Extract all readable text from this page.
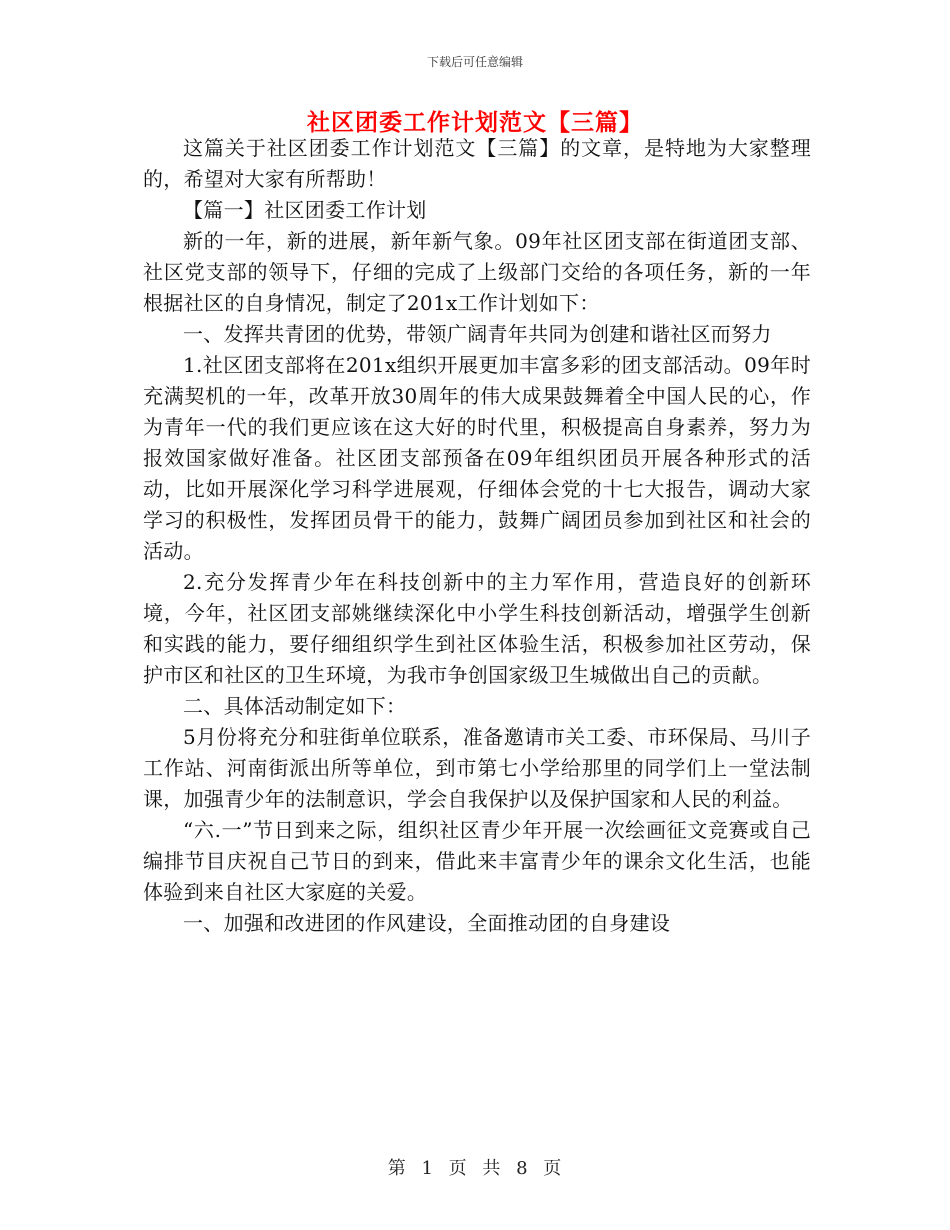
下载后可任意编辑
社区团委工作计划范文【三篇】

这篇关于社区团委工作计划范文【三篇】的文章，是特地为大家整理的，希望对大家有所帮助！

【篇一】社区团委工作计划

新的一年，新的进展，新年新气象。09年社区团支部在街道团支部、社区党支部的领导下，仔细的完成了上级部门交给的各项任务，新的一年根据社区的自身情况，制定了201x工作计划如下：

一、发挥共青团的优势，带领广阔青年共同为创建和谐社区而努力

1.社区团支部将在201x组织开展更加丰富多彩的团支部活动。09年时充满契机的一年，改革开放30周年的伟大成果鼓舞着全中国人民的心，作为青年一代的我们更应该在这大好的时代里，积极提高自身素养，努力为报效国家做好准备。社区团支部预备在09年组织团员开展各种形式的活动，比如开展深化学习科学进展观，仔细体会党的十七大报告，调动大家学习的积极性，发挥团员骨干的能力，鼓舞广阔团员参加到社区和社会的活动。

2.充分发挥青少年在科技创新中的主力军作用，营造良好的创新环境，今年，社区团支部姚继续深化中小学生科技创新活动，增强学生创新和实践的能力，要仔细组织学生到社区体验生活，积极参加社区劳动，保护市区和社区的卫生环境，为我市争创国家级卫生城做出自己的贡献。

二、具体活动制定如下：

5月份将充分和驻街单位联系，准备邀请市关工委、市环保局、马川子工作站、河南街派出所等单位，到市第七小学给那里的同学们上一堂法制课，加强青少年的法制意识，学会自我保护以及保护国家和人民的利益。

“六.一”节日到来之际，组织社区青少年开展一次绘画征文竞赛或自己编排节目庆祝自己节日的到来，借此来丰富青少年的课余文化生活，也能体验到来自社区大家庭的关爱。

一、加强和改进团的作风建设，全面推动团的自身建设

第 1 页 共 8 页
